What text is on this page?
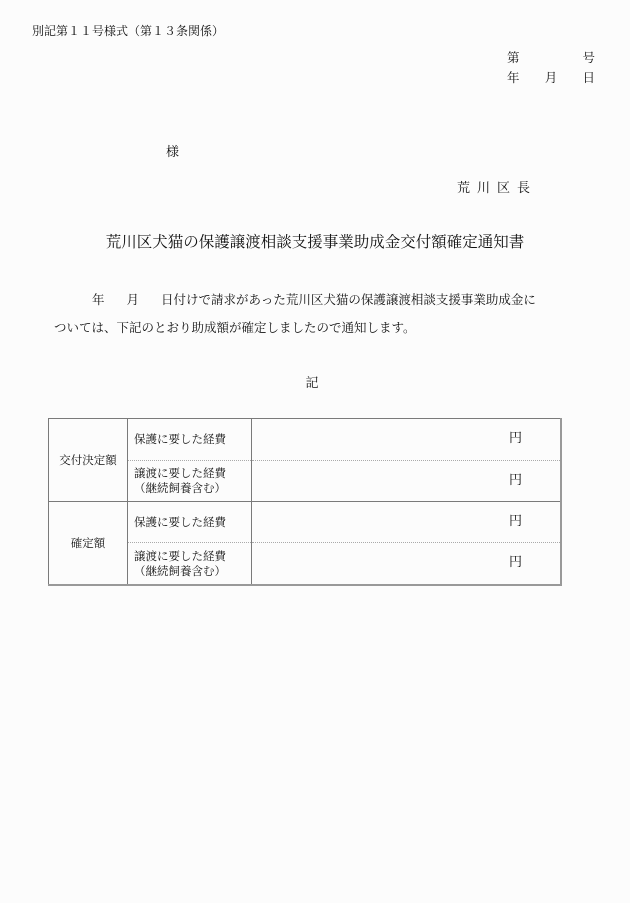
別記第１１号様式（第１３条関係）
第	号
年 月 日
様
荒川区長
荒川区犬猫の保護譲渡相談支援事業助成金交付額確定通知書
年 月 日付けで請求があった荒川区犬猫の保護譲渡相談支援事業助成金に
ついては、下記のとおり助成額が確定しましたので通知します。
記
交付決定額	保護に要した経費	円

	譲渡に要した経費
（継続飼養含む）	円

確定額	保護に要した経費	円

	譲渡に要した経費
（継続飼養含む）	円
